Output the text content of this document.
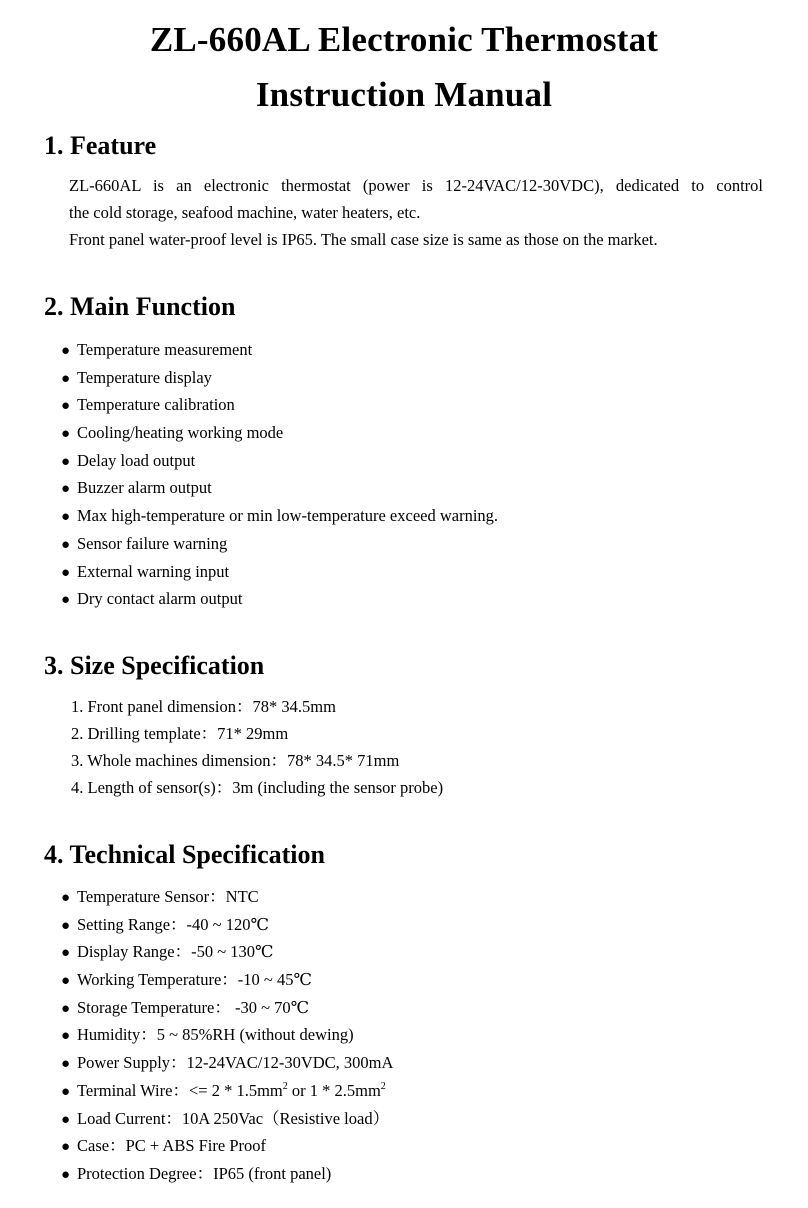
ZL-660AL Electronic Thermostat
Instruction Manual
1. Feature
ZL-660AL is an electronic thermostat (power is 12-24VAC/12-30VDC), dedicated to control
the cold storage, seafood machine, water heaters, etc.
Front panel water-proof level is IP65. The small case size is same as those on the market.
2. Main Function
● Temperature measurement
● Temperature display
● Temperature calibration
● Cooling/heating working mode
● Delay load output
● Buzzer alarm output
● Max high-temperature or min low-temperature exceed warning.
● Sensor failure warning
● External warning input
● Dry contact alarm output
3. Size Specification
1. Front panel dimension：78* 34.5mm
2. Drilling template：71* 29mm
3. Whole machines dimension：78* 34.5* 71mm
4. Length of sensor(s)：3m (including the sensor probe)
4. Technical Specification
● Temperature Sensor：NTC
● Setting Range：-40 ~ 120℃
● Display Range：-50 ~ 130℃
● Working Temperature：-10 ~ 45℃
● Storage Temperature： -30 ~ 70℃
● Humidity：5 ~ 85%RH (without dewing)
● Power Supply：12-24VAC/12-30VDC, 300mA
● Terminal Wire：<= $2 * 1.5mm^2$ or $1 * 2.5mm^2$
● Load Current：10A 250Vac（Resistive load）
● Case：PC + ABS Fire Proof
● Protection Degree：IP65 (front panel)
